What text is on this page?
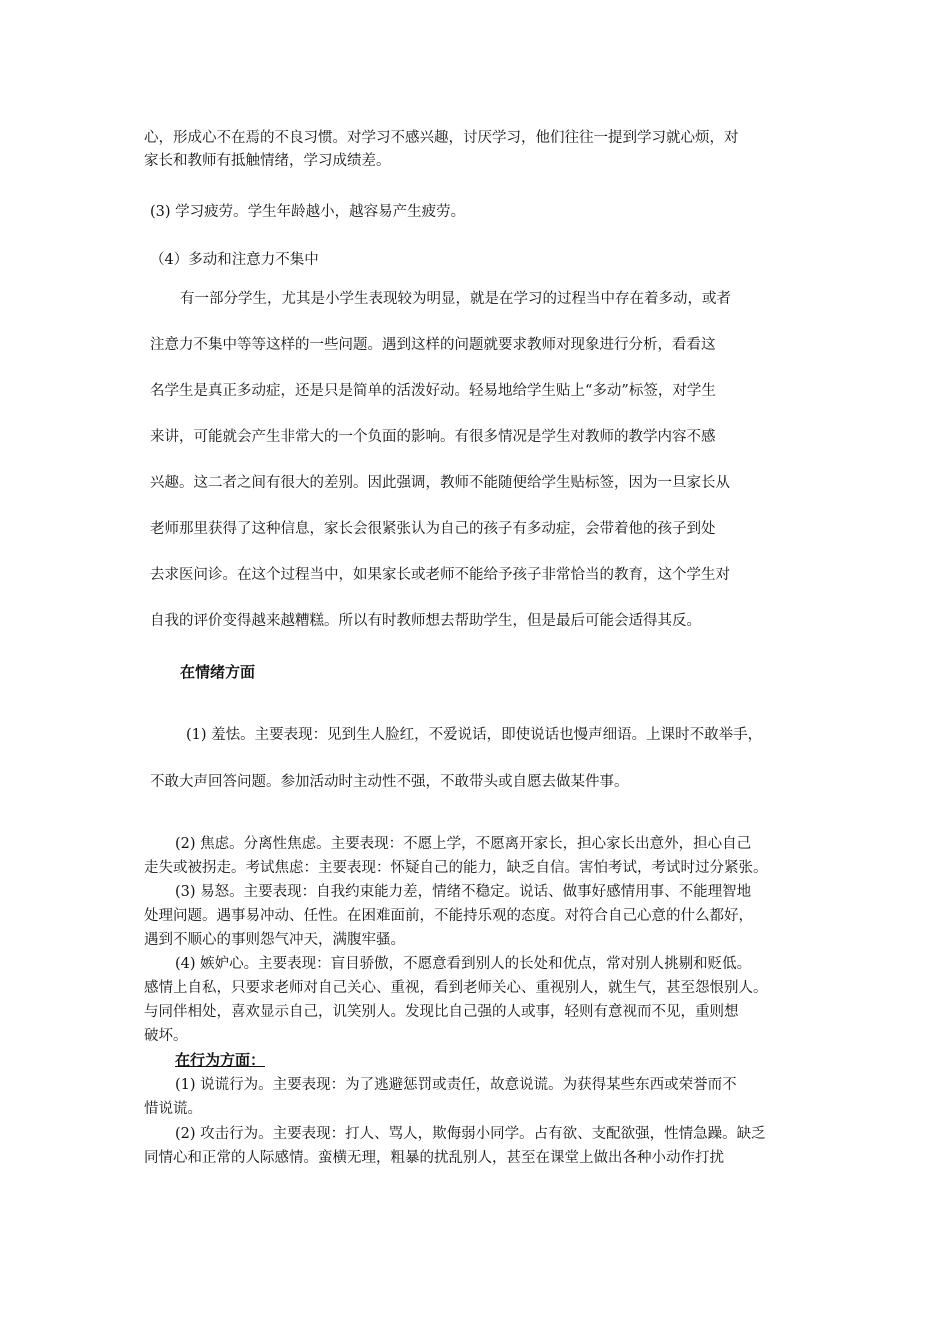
心，形成心不在焉的不良习惯。对学习不感兴趣，讨厌学习，他们往往一提到学习就心烦，对

家长和教师有抵触情绪，学习成绩差。

(3) 学习疲劳。学生年龄越小，越容易产生疲劳。

（4）多动和注意力不集中

有一部分学生，尤其是小学生表现较为明显，就是在学习的过程当中存在着多动，或者

注意力不集中等等这样的一些问题。遇到这样的问题就要求教师对现象进行分析，看看这

名学生是真正多动症，还是只是简单的活泼好动。轻易地给学生贴上“多动”标签，对学生

来讲，可能就会产生非常大的一个负面的影响。有很多情况是学生对教师的教学内容不感

兴趣。这二者之间有很大的差别。因此强调，教师不能随便给学生贴标签，因为一旦家长从

老师那里获得了这种信息，家长会很紧张认为自己的孩子有多动症，会带着他的孩子到处

去求医问诊。在这个过程当中，如果家长或老师不能给予孩子非常恰当的教育，这个学生对

自我的评价变得越来越糟糕。所以有时教师想去帮助学生，但是最后可能会适得其反。

在情绪方面

(1) 羞怯。主要表现：见到生人脸红，不爱说话，即使说话也慢声细语。上课时不敢举手，

不敢大声回答问题。参加活动时主动性不强，不敢带头或自愿去做某件事。

(2) 焦虑。分离性焦虑。主要表现：不愿上学，不愿离开家长，担心家长出意外，担心自己

走失或被拐走。考试焦虑：主要表现：怀疑自己的能力，缺乏自信。害怕考试，考试时过分紧张。

(3) 易怒。主要表现：自我约束能力差，情绪不稳定。说话、做事好感情用事、不能理智地

处理问题。遇事易冲动、任性。在困难面前，不能持乐观的态度。对符合自己心意的什么都好，

遇到不顺心的事则怨气冲天，满腹牢骚。

(4) 嫉妒心。主要表现：盲目骄傲，不愿意看到别人的长处和优点，常对别人挑剔和贬低。

感情上自私，只要求老师对自己关心、重视，看到老师关心、重视别人，就生气，甚至怨恨别人。

与同伴相处，喜欢显示自己，讥笑别人。发现比自己强的人或事，轻则有意视而不见，重则想

破坏。

在行为方面：

(1) 说谎行为。主要表现：为了逃避惩罚或责任，故意说谎。为获得某些东西或荣誉而不

惜说谎。

(2) 攻击行为。主要表现：打人、骂人，欺侮弱小同学。占有欲、支配欲强，性情急躁。缺乏

同情心和正常的人际感情。蛮横无理，粗暴的扰乱别人，甚至在课堂上做出各种小动作打扰
